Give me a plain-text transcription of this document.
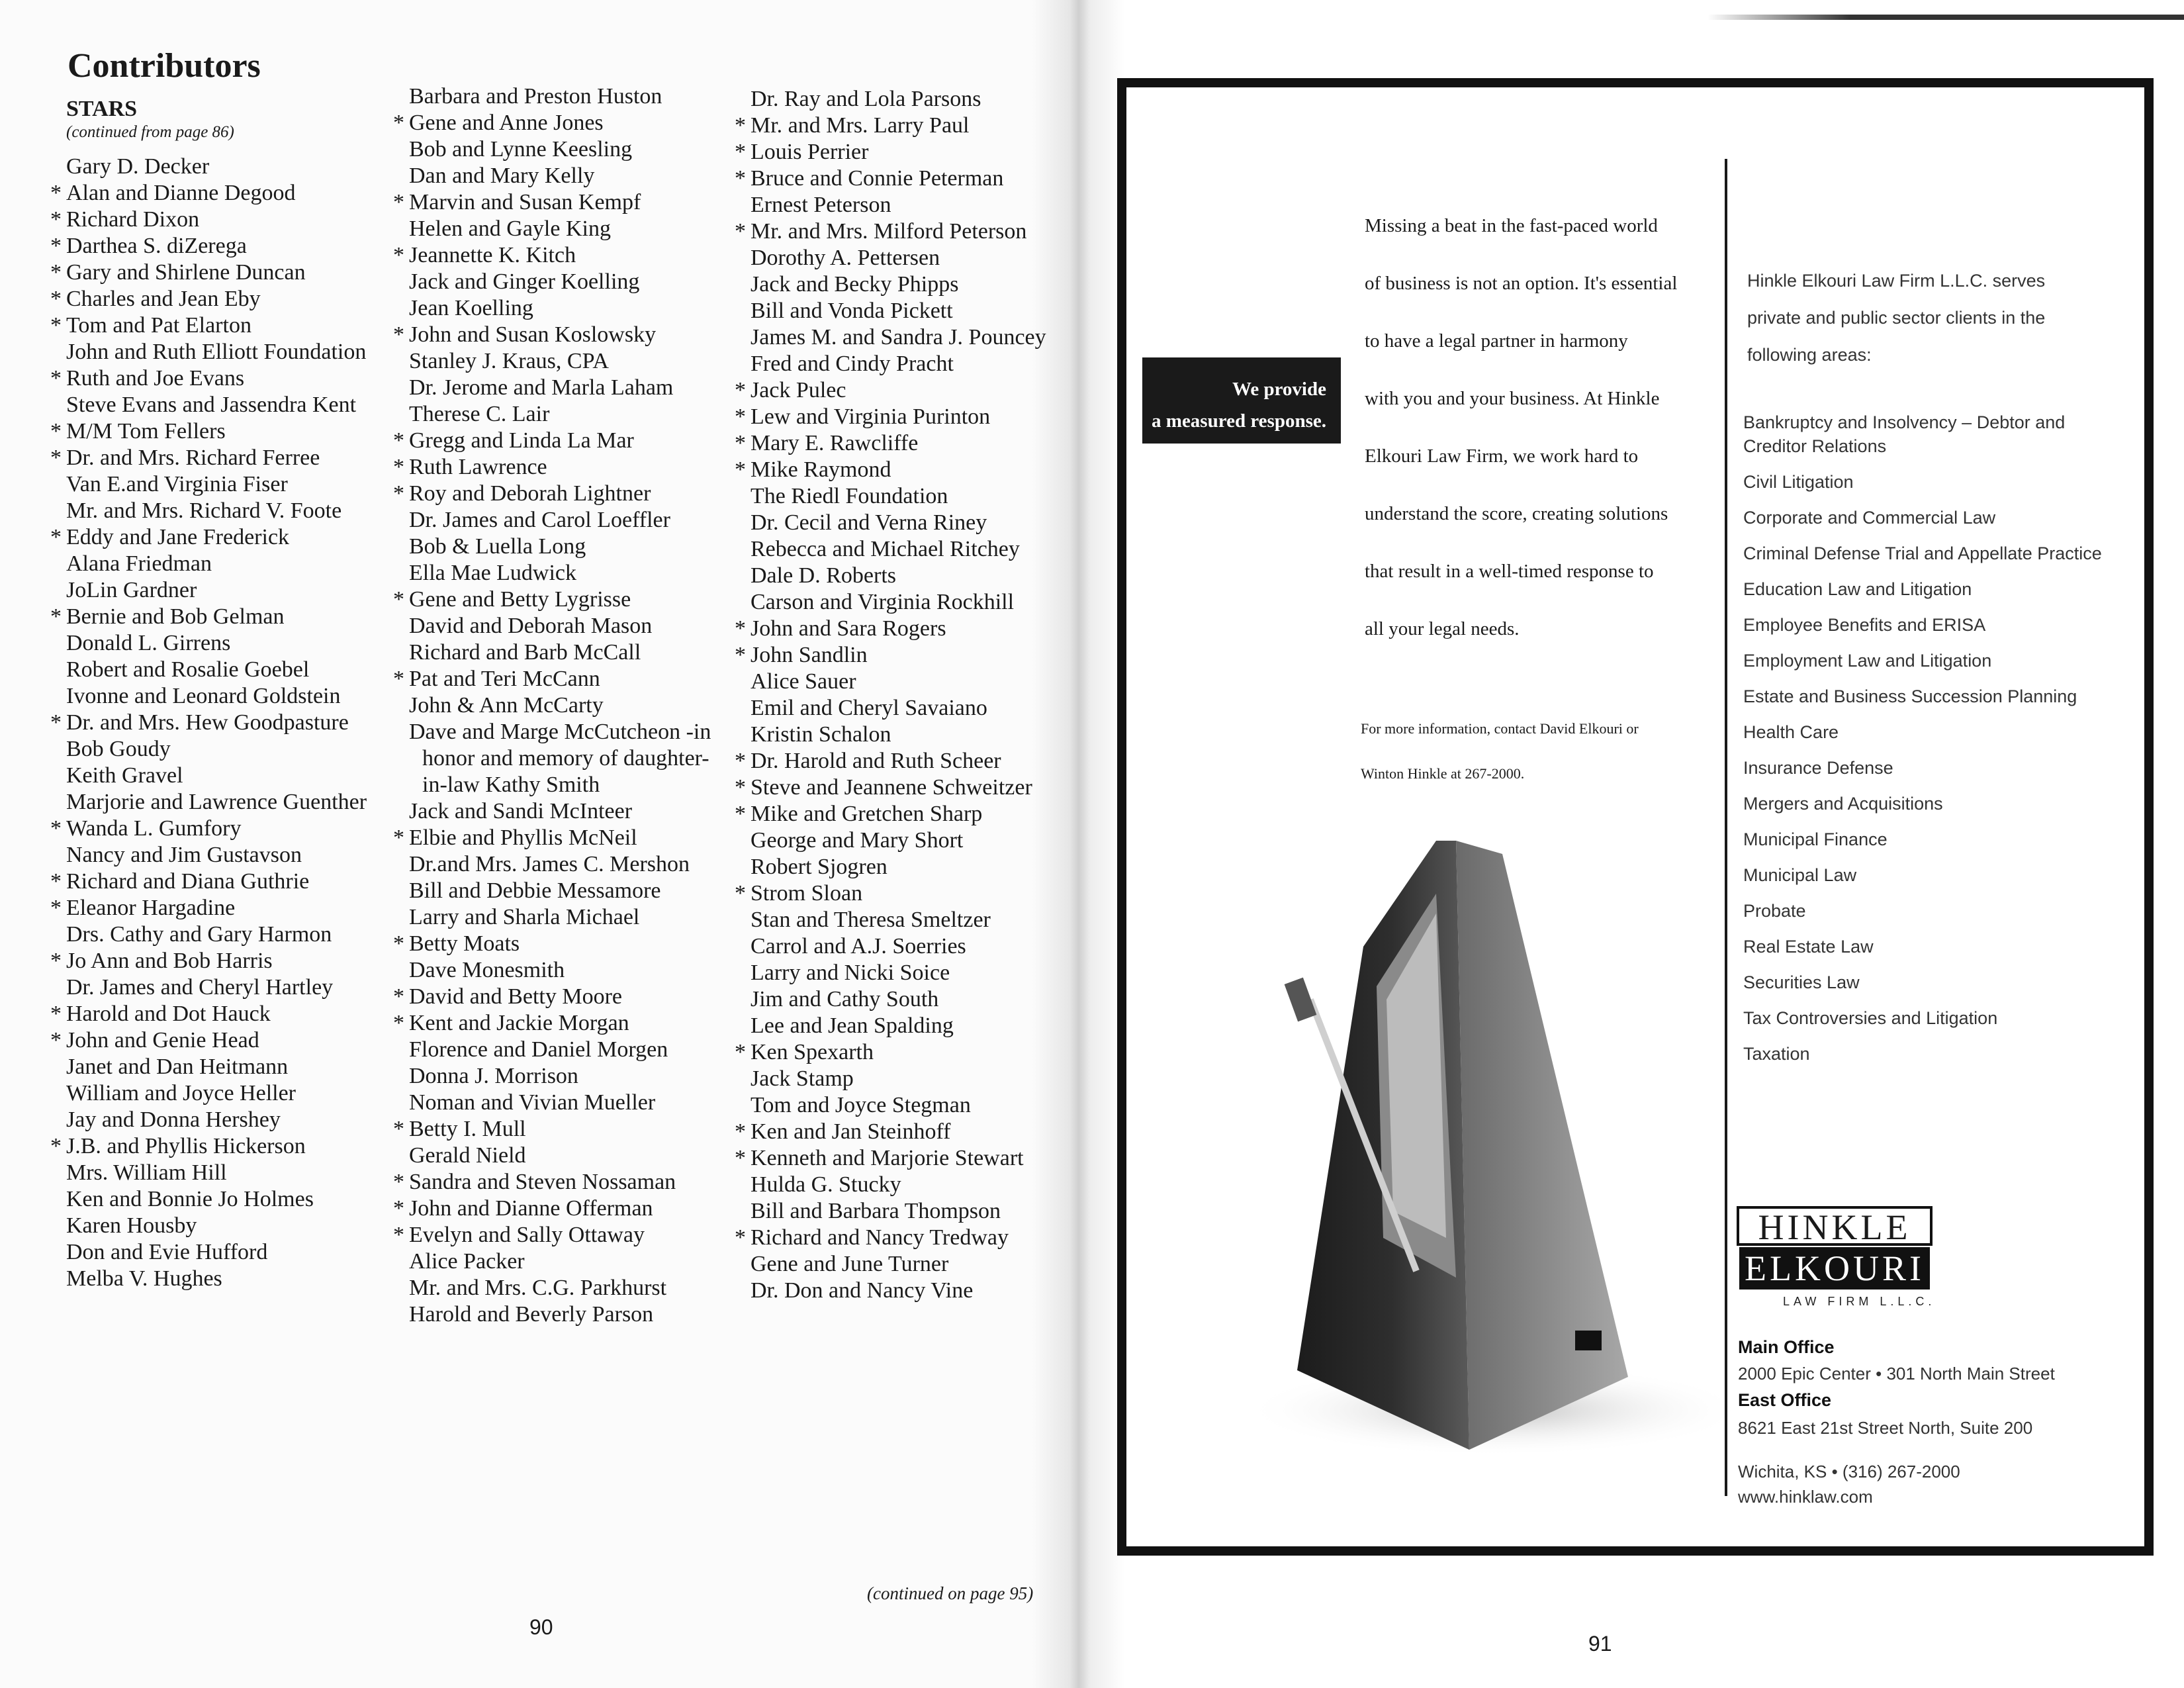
Contributors
STARS
(continued from page 86)
Gary D. Decker
Alan and Dianne Degood
Richard Dixon
Darthea S. diZerega
Gary and Shirlene Duncan
Charles and Jean Eby
Tom and Pat Elarton
John and Ruth Elliott Foundation
Ruth and Joe Evans
Steve Evans and Jassendra Kent
M/M Tom Fellers
Dr. and Mrs. Richard Ferree
Van E.and Virginia Fiser
Mr. and Mrs. Richard V. Foote
Eddy and Jane Frederick
Alana Friedman
JoLin Gardner
Bernie and Bob Gelman
Donald L. Girrens
Robert and Rosalie Goebel
Ivonne and Leonard Goldstein
Dr. and Mrs. Hew Goodpasture
Bob Goudy
Keith Gravel
Marjorie and Lawrence Guenther
Wanda L. Gumfory
Nancy and Jim Gustavson
Richard and Diana Guthrie
Eleanor Hargadine
Drs. Cathy and Gary Harmon
Jo Ann and Bob Harris
Dr. James and Cheryl Hartley
Harold and Dot Hauck
John and Genie Head
Janet and Dan Heitmann
William and Joyce Heller
Jay and Donna Hershey
J.B. and Phyllis Hickerson
Mrs. William Hill
Ken and Bonnie Jo Holmes
Karen Housby
Don and Evie Hufford
Melba V. Hughes
Barbara and Preston Huston
Gene and Anne Jones
Bob and Lynne Keesling
Dan and Mary Kelly
Marvin and Susan Kempf
Helen and Gayle King
Jeannette K. Kitch
Jack and Ginger Koelling
Jean Koelling
John and Susan Koslowsky
Stanley J. Kraus, CPA
Dr. Jerome and Marla Laham
Therese C. Lair
Gregg and Linda La Mar
Ruth Lawrence
Roy and Deborah Lightner
Dr. James and Carol Loeffler
Bob & Luella Long
Ella Mae Ludwick
Gene and Betty Lygrisse
David and Deborah Mason
Richard and Barb McCall
Pat and Teri McCann
John & Ann McCarty
Dave and Marge McCutcheon -in honor and memory of daughter-in-law Kathy Smith
Jack and Sandi McInteer
Elbie and Phyllis McNeil
Dr.and Mrs. James C. Mershon
Bill and Debbie Messamore
Larry and Sharla Michael
Betty Moats
Dave Monesmith
David and Betty Moore
Kent and Jackie Morgan
Florence and Daniel Morgen
Donna J. Morrison
Noman and Vivian Mueller
Betty I. Mull
Gerald Nield
Sandra and Steven Nossaman
John and Dianne Offerman
Evelyn and Sally Ottaway
Alice Packer
Mr. and Mrs. C.G. Parkhurst
Harold and Beverly Parson
Dr. Ray and Lola Parsons
Mr. and Mrs. Larry Paul
Louis Perrier
Bruce and Connie Peterman
Ernest Peterson
Mr. and Mrs. Milford Peterson
Dorothy A. Pettersen
Jack and Becky Phipps
Bill and Vonda Pickett
James M. and Sandra J. Pouncey
Fred and Cindy Pracht
Jack Pulec
Lew and Virginia Purinton
Mary E. Rawcliffe
Mike Raymond
The Riedl Foundation
Dr. Cecil and Verna Riney
Rebecca and Michael Ritchey
Dale D. Roberts
Carson and Virginia Rockhill
John and Sara Rogers
John Sandlin
Alice Sauer
Emil and Cheryl Savaiano
Kristin Schalon
Dr. Harold and Ruth Scheer
Steve and Jeannene Schweitzer
Mike and Gretchen Sharp
George and Mary Short
Robert Sjogren
Strom Sloan
Stan and Theresa Smeltzer
Carrol and A.J. Soerries
Larry and Nicki Soice
Jim and Cathy South
Lee and Jean Spalding
Ken Spexarth
Jack Stamp
Tom and Joyce Stegman
Ken and Jan Steinhoff
Kenneth and Marjorie Stewart
Hulda G. Stucky
Bill and Barbara Thompson
Richard and Nancy Tredway
Gene and June Turner
Dr. Don and Nancy Vine
(continued on page 95)
90
We provide
a measured response.
Missing a beat in the fast-paced world
of business is not an option. It's essential
to have a legal partner in harmony
with you and your business. At Hinkle
Elkouri Law Firm, we work hard to
understand the score, creating solutions
that result in a well-timed response to
all your legal needs.
For more information, contact David Elkouri or
Winton Hinkle at 267-2000.
Hinkle Elkouri Law Firm L.L.C. serves
private and public sector clients in the
following areas:
Bankruptcy and Insolvency – Debtor and Creditor Relations
Civil Litigation
Corporate and Commercial Law
Criminal Defense Trial and Appellate Practice
Education Law and Litigation
Employee Benefits and ERISA
Employment Law and Litigation
Estate and Business Succession Planning
Health Care
Insurance Defense
Mergers and Acquisitions
Municipal Finance
Municipal Law
Probate
Real Estate Law
Securities Law
Tax Controversies and Litigation
Taxation
HINKLE
ELKOURI
LAW FIRM L.L.C.
Main Office
2000 Epic Center • 301 North Main Street
East Office
8621 East 21st Street North, Suite 200
Wichita, KS • (316) 267-2000
www.hinklaw.com
91
